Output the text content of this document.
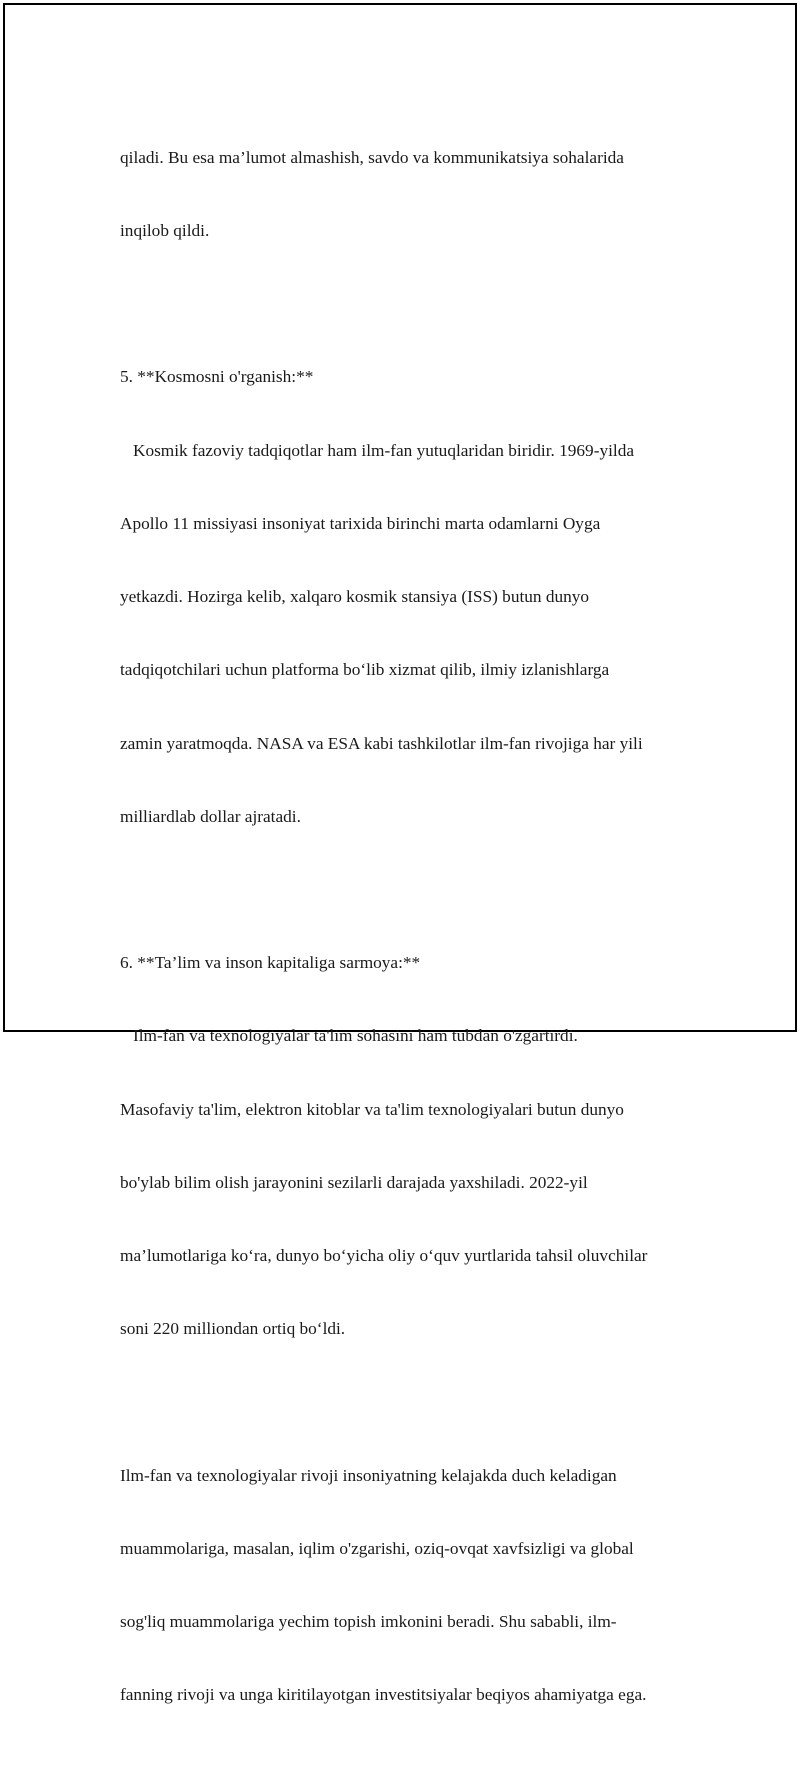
qiladi. Bu esa ma’lumot almashish, savdo va kommunikatsiya sohalarida

inqilob qildi.

5. **Kosmosni o'rganish:**

Kosmik fazoviy tadqiqotlar ham ilm-fan yutuqlaridan biridir. 1969-yilda

Apollo 11 missiyasi insoniyat tarixida birinchi marta odamlarni Oyga

yetkazdi. Hozirga kelib, xalqaro kosmik stansiya (ISS) butun dunyo

tadqiqotchilari uchun platforma bo‘lib xizmat qilib, ilmiy izlanishlarga

zamin yaratmoqda. NASA va ESA kabi tashkilotlar ilm-fan rivojiga har yili

milliardlab dollar ajratadi.

6. **Ta’lim va inson kapitaliga sarmoya:**

Ilm-fan va texnologiyalar ta'lim sohasini ham tubdan o'zgartirdi.

Masofaviy ta'lim, elektron kitoblar va ta'lim texnologiyalari butun dunyo

bo'ylab bilim olish jarayonini sezilarli darajada yaxshiladi. 2022-yil

ma’lumotlariga ko‘ra, dunyo bo‘yicha oliy o‘quv yurtlarida tahsil oluvchilar

soni 220 milliondan ortiq bo‘ldi.

Ilm-fan va texnologiyalar rivoji insoniyatning kelajakda duch keladigan

muammolariga, masalan, iqlim o'zgarishi, oziq-ovqat xavfsizligi va global

sog'liq muammolariga yechim topish imkonini beradi. Shu sababli, ilm-

fanning rivoji va unga kiritilayotgan investitsiyalar beqiyos ahamiyatga ega.
